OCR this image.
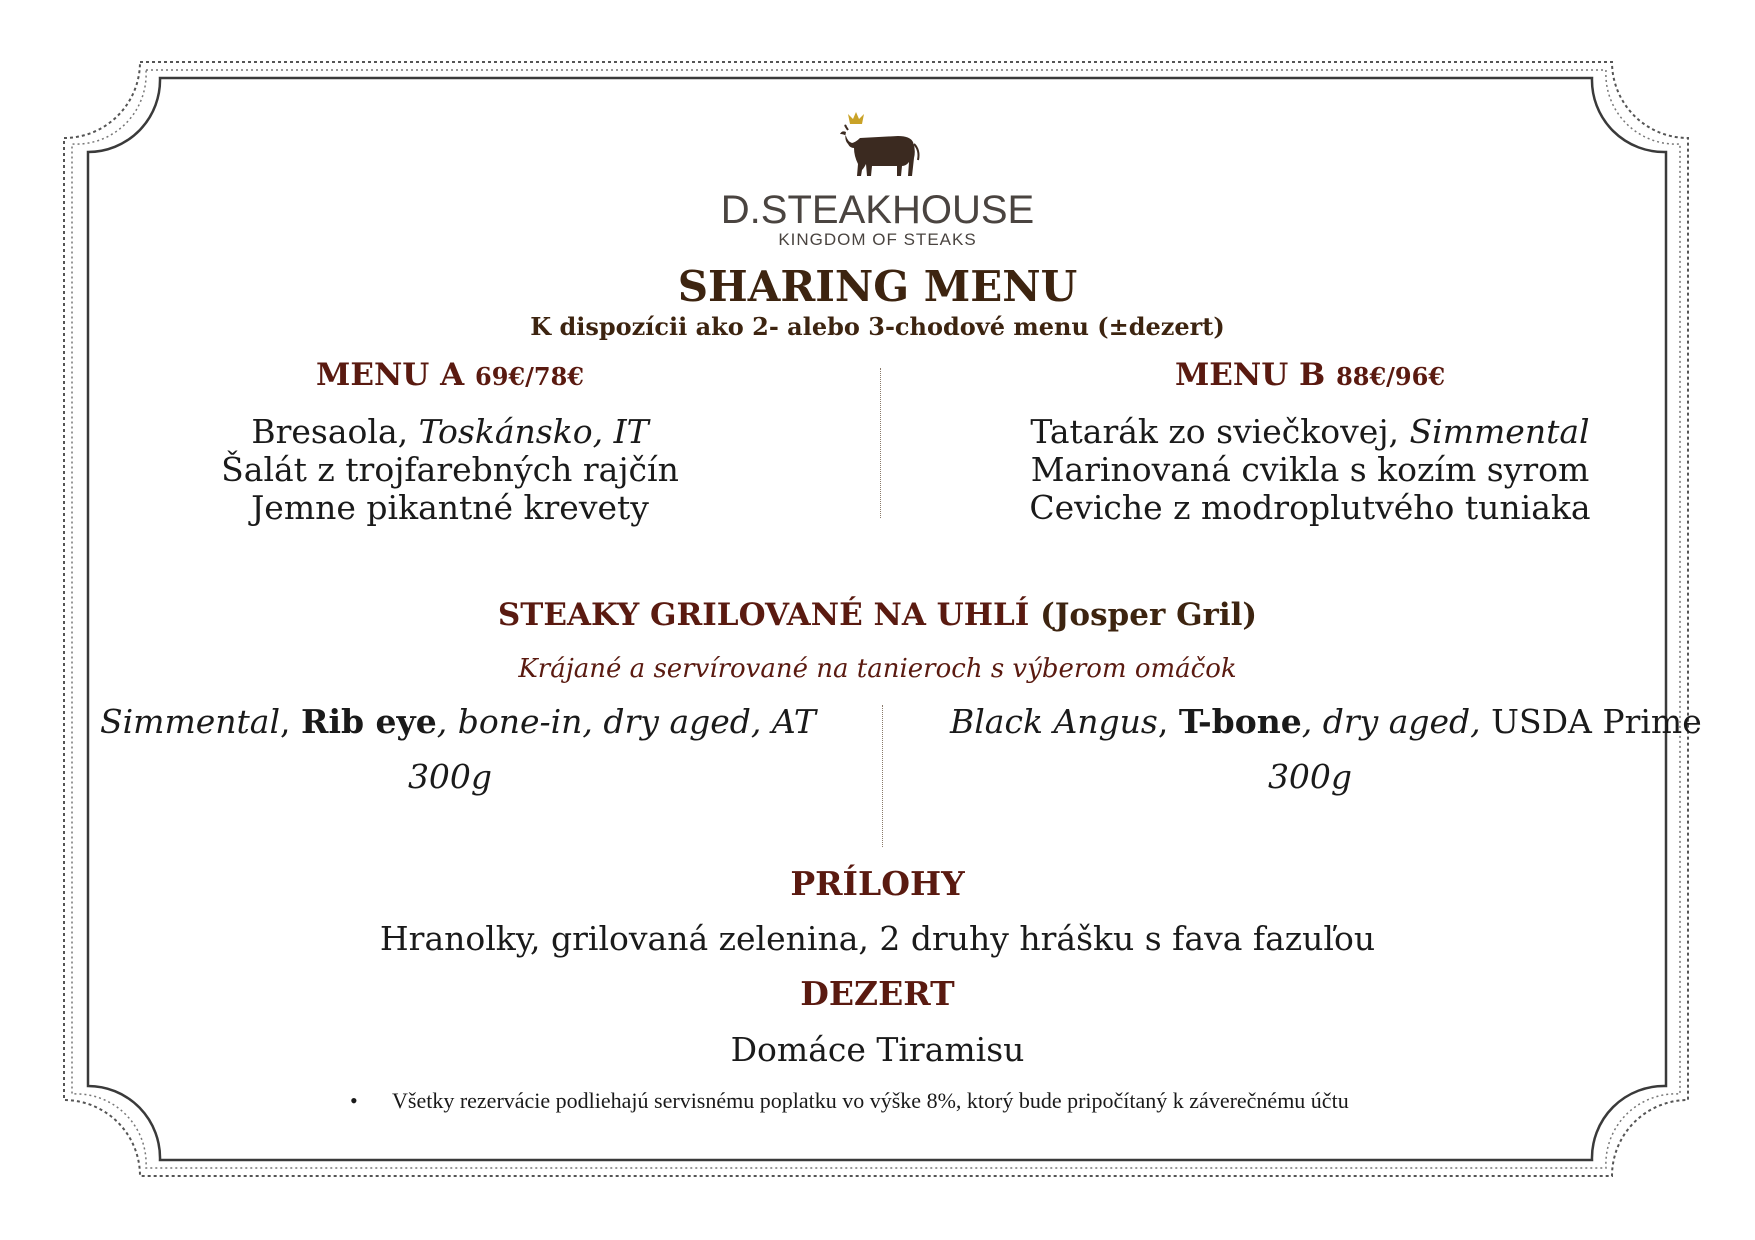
D.STEAKHOUSE
KINGDOM OF STEAKS
SHARING MENU
K dispozícii ako 2- alebo 3-chodové menu (±dezert)
MENU A 69€/78€
Bresaola, Toskánsko, IT
Šalát z trojfarebných rajčín
Jemne pikantné krevety
MENU B 88€/96€
Tatarák zo sviečkovej, Simmental
Marinovaná cvikla s kozím syrom
Ceviche z modroplutvého tuniaka
STEAKY GRILOVANÉ NA UHLÍ (Josper Gril)
Krájané a servírované na tanieroch s výberom omáčok
Simmental, Rib eye, bone-in, dry aged, AT
300g
Black Angus, T-bone, dry aged, USDA Prime
300g
PRÍLOHY
Hranolky, grilovaná zelenina, 2 druhy hrášku s fava fazuľou
DEZERT
Domáce Tiramisu
• Všetky rezervácie podliehajú servisnému poplatku vo výške 8%, ktorý bude pripočítaný k záverečnému účtu
